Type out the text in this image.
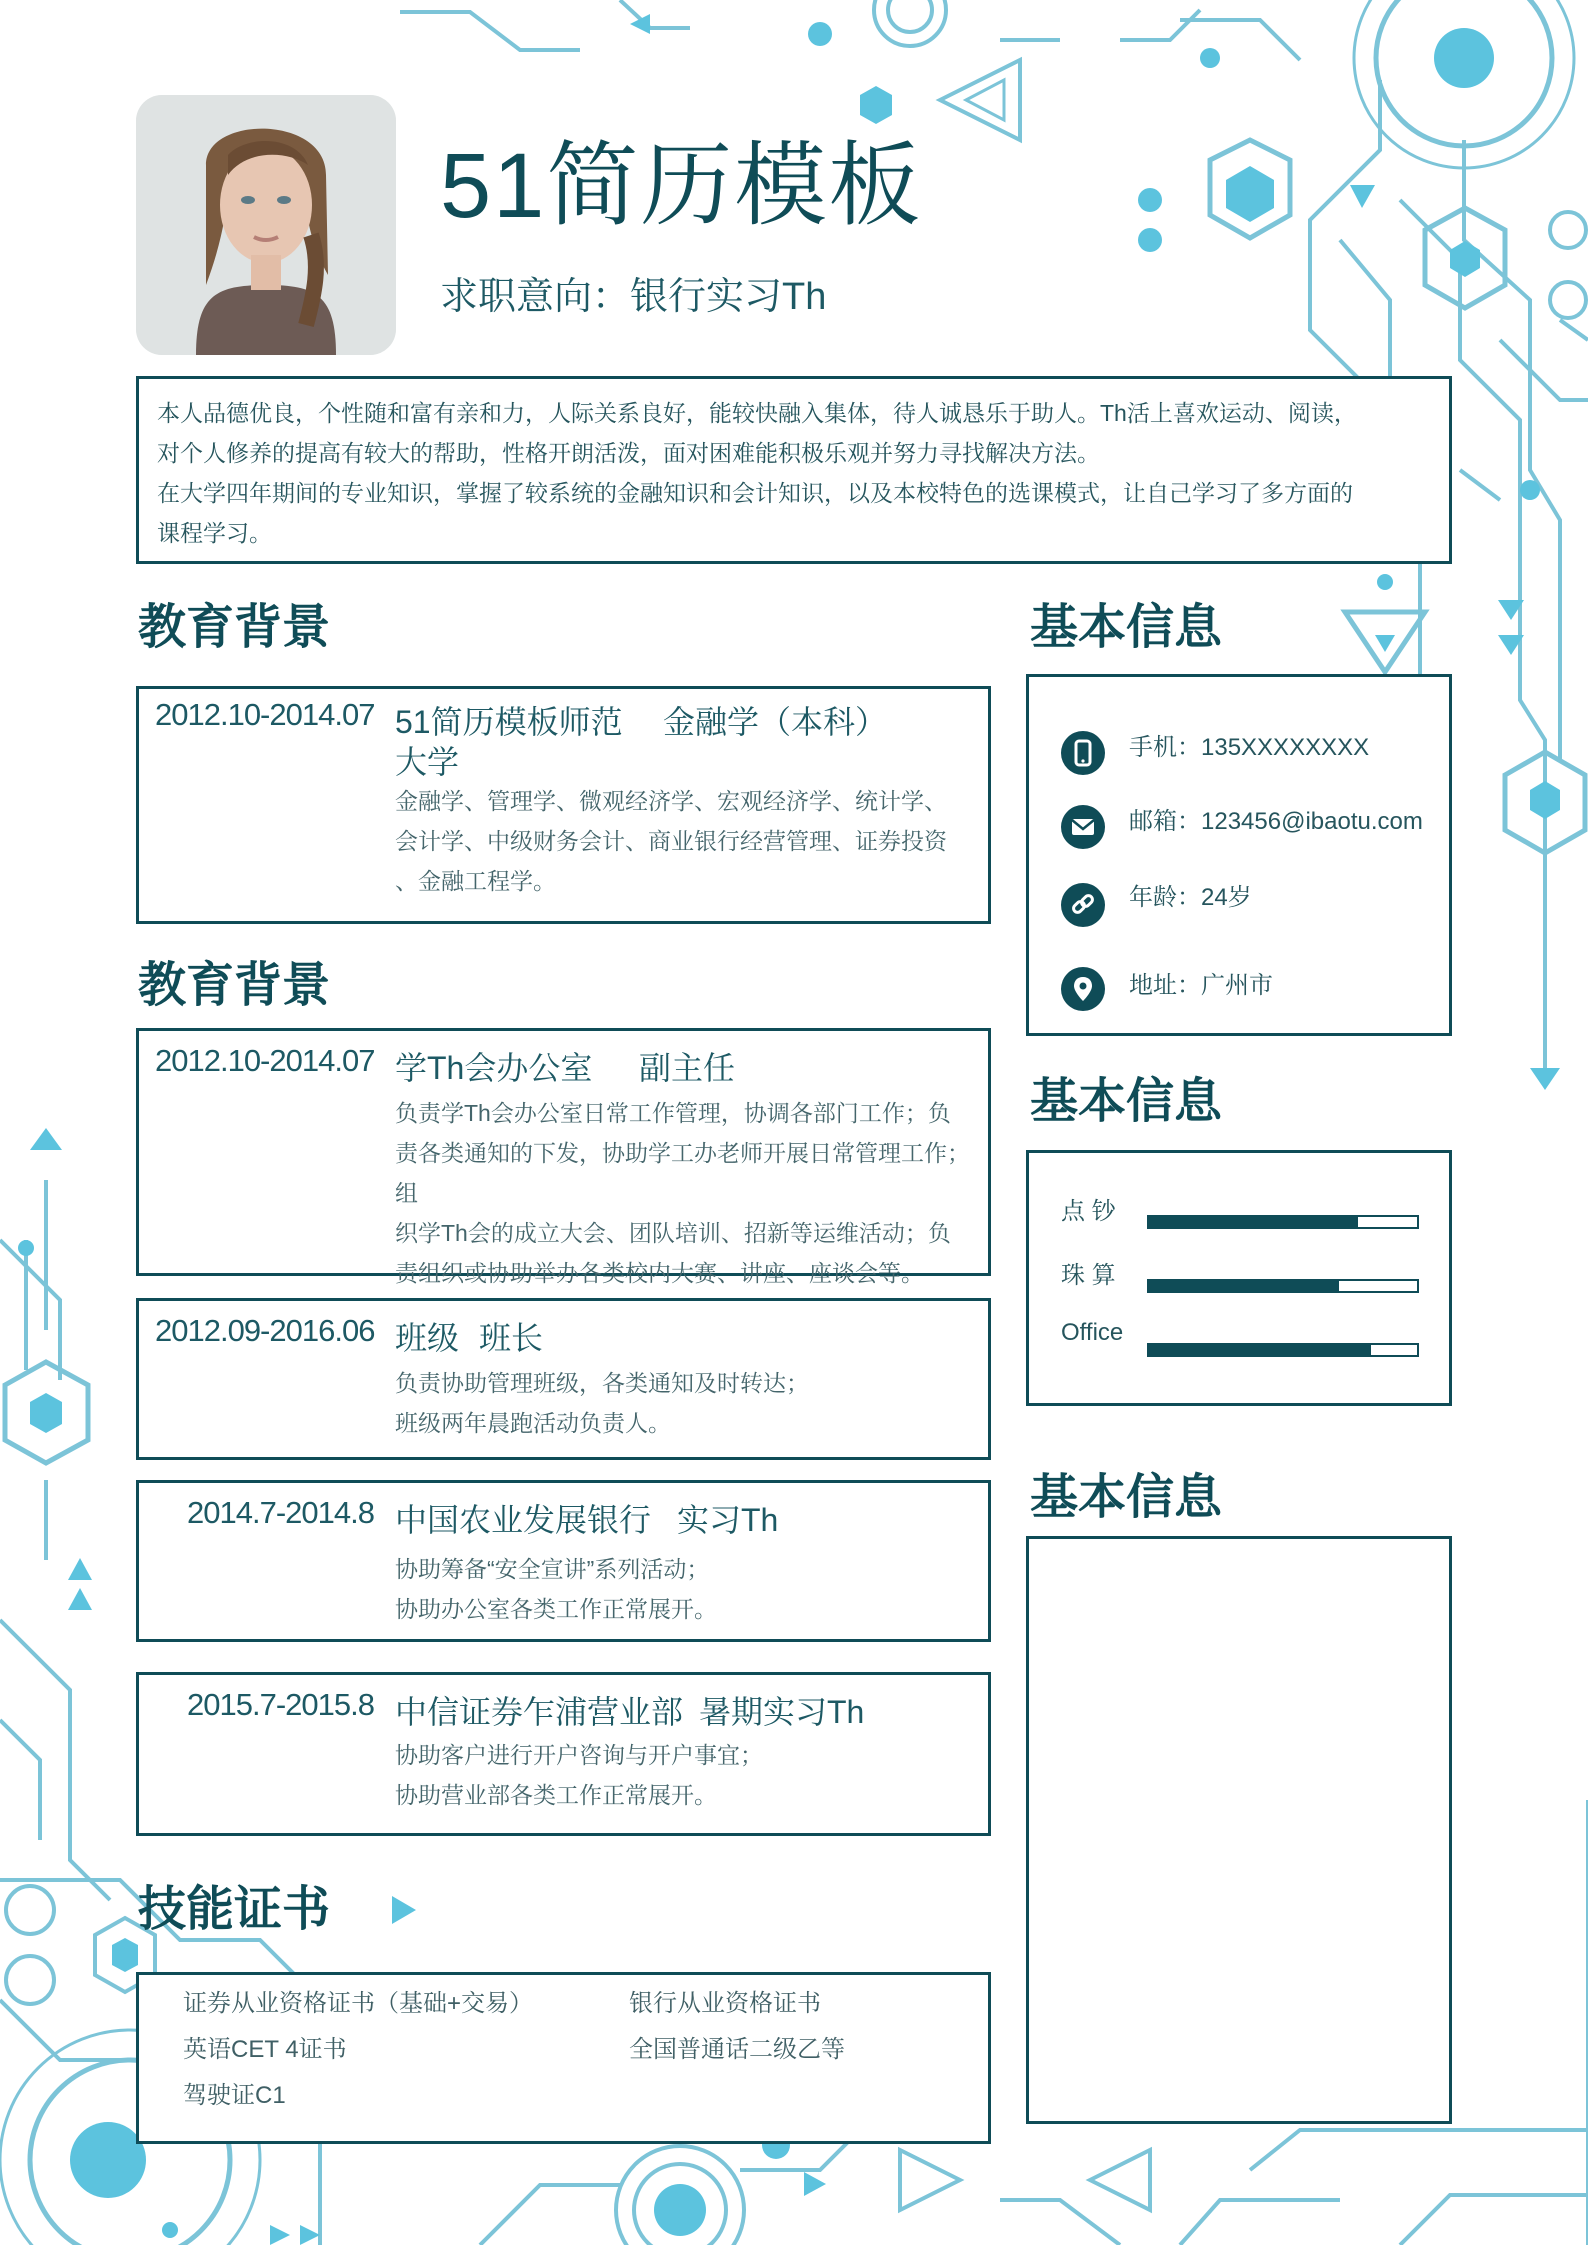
51简历模板
求职意向：银行实习Th

本人品德优良，个性随和富有亲和力，人际关系良好，能较快融入集体，待人诚恳乐于助人。Th活上喜欢运动、阅读，

对个人修养的提高有较大的帮助，性格开朗活泼，面对困难能积极乐观并努力寻找解决方法。

在大学四年期间的专业知识，掌握了较系统的金融知识和会计知识，以及本校特色的选课模式，让自己学习了多方面的

课程学习。

教育背景
2012.10-2014.07 51简历模板师范
大学
金融学（本科）
金融学、管理学、微观经济学、宏观经济学、统计学、
会计学、中级财务会计、商业银行经营管理、证券投资
、金融工程学。
教育背景
2012.10-2014.07 学Th会办公室 副主任
负责学Th会办公室日常工作管理，协调各部门工作；负
责各类通知的下发，协助学工办老师开展日常管理工作；组
织学Th会的成立大会、团队培训、招新等运维活动；负
责组织或协助举办各类校内大赛、讲座、座谈会等。
2012.09-2016.06 班级 班长
负责协助管理班级，各类通知及时转达；
班级两年晨跑活动负责人。
2014.7-2014.8 中国农业发展银行 实习Th
协助筹备“安全宣讲”系列活动；
协助办公室各类工作正常展开。
2015.7-2015.8 中信证券乍浦营业部 暑期实习Th
协助客户进行开户咨询与开户事宜；
协助营业部各类工作正常展开。
技能证书
证券从业资格证书（基础+交易）	银行从业资格证书
英语CET 4证书	全国普通话二级乙等
驾驶证C1
基本信息
手机：135XXXXXXXX
邮箱：123456@ibaotu.com
年龄：24岁
地址：广州市
基本信息
点 钞
珠 算
Office
基本信息
